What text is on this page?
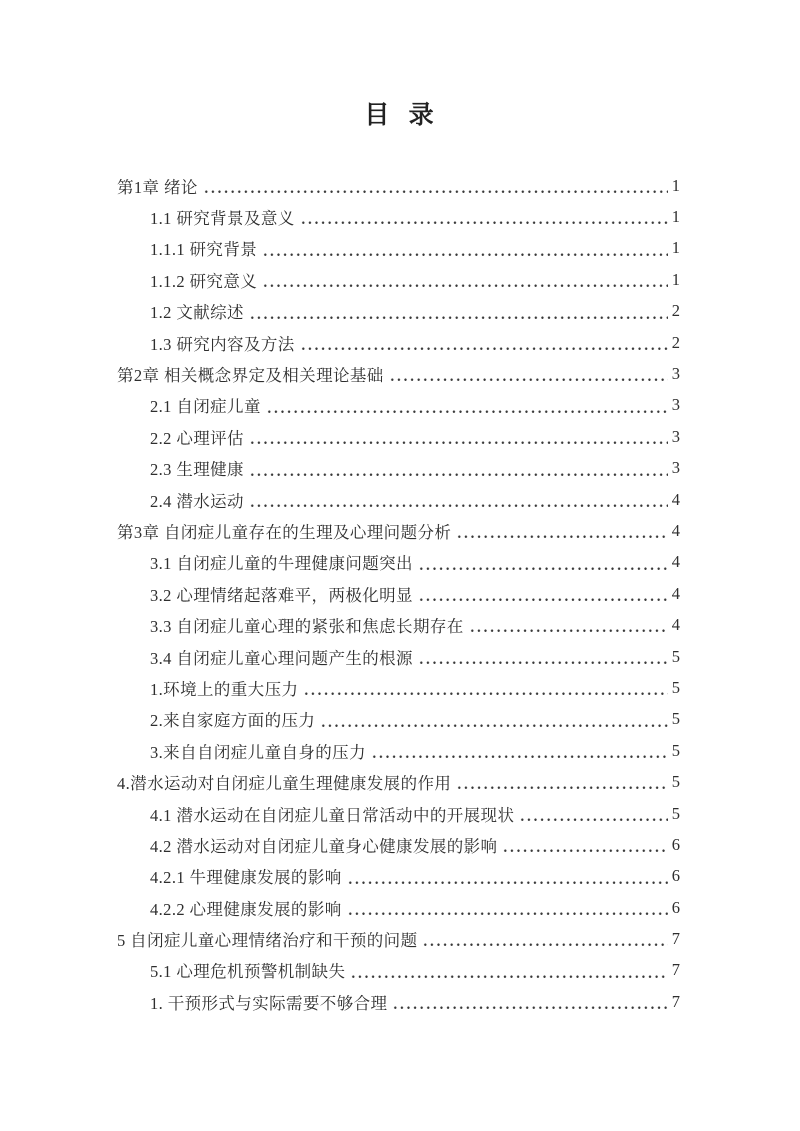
目 录
第1章 绪论	1
1.1 研究背景及意义	1
1.1.1 研究背景	1
1.1.2 研究意义	1
1.2 文献综述	2
1.3 研究内容及方法	2
第2章 相关概念界定及相关理论基础	3
2.1 自闭症儿童	3
2.2 心理评估	3
2.3 生理健康	3
2.4 潜水运动	4
第3章 自闭症儿童存在的生理及心理问题分析	4
3.1 自闭症儿童的牛理健康问题突出	4
3.2 心理情绪起落难平，两极化明显	4
3.3 自闭症儿童心理的紧张和焦虑长期存在	4
3.4 自闭症儿童心理问题产生的根源	5
1.环境上的重大压力	5
2.来自家庭方面的压力	5
3.来自自闭症儿童自身的压力	5
4.潜水运动对自闭症儿童生理健康发展的作用	5
4.1 潜水运动在自闭症儿童日常活动中的开展现状	5
4.2 潜水运动对自闭症儿童身心健康发展的影响	6
4.2.1 牛理健康发展的影响	6
4.2.2 心理健康发展的影响	6
5 自闭症儿童心理情绪治疗和干预的问题	7
5.1 心理危机预警机制缺失	7
1. 干预形式与实际需要不够合理	7
